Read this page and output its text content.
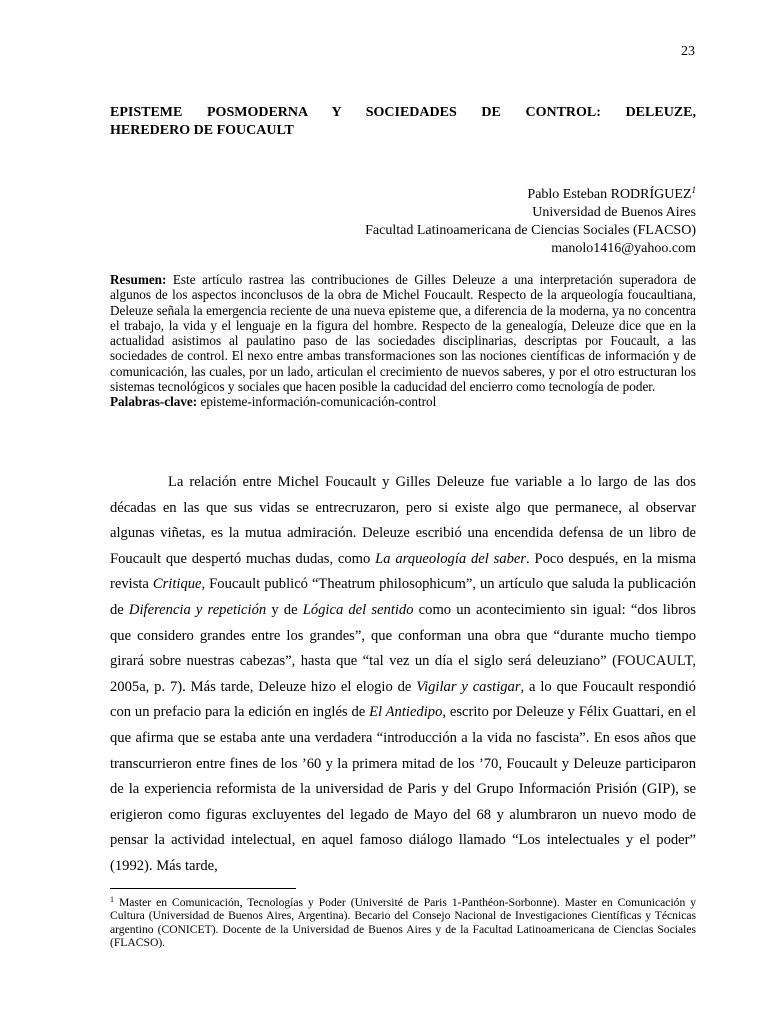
23
EPISTEME POSMODERNA Y SOCIEDADES DE CONTROL: DELEUZE,
HEREDERO DE FOUCAULT
Pablo Esteban RODRÍGUEZ$^1$
Universidad de Buenos Aires
Facultad Latinoamericana de Ciencias Sociales (FLACSO)
manolo1416@yahoo.com
Resumen: Este artículo rastrea las contribuciones de Gilles Deleuze a una interpretación superadora de algunos de los aspectos inconclusos de la obra de Michel Foucault. Respecto de la arqueología foucaultiana, Deleuze señala la emergencia reciente de una nueva episteme que, a diferencia de la moderna, ya no concentra el trabajo, la vida y el lenguaje en la figura del hombre. Respecto de la genealogía, Deleuze dice que en la actualidad asistimos al paulatino paso de las sociedades disciplinarias, descriptas por Foucault, a las sociedades de control. El nexo entre ambas transformaciones son las nociones científicas de información y de comunicación, las cuales, por un lado, articulan el crecimiento de nuevos saberes, y por el otro estructuran los sistemas tecnológicos y sociales que hacen posible la caducidad del encierro como tecnología de poder.
Palabras-clave: episteme-información-comunicación-control

La relación entre Michel Foucault y Gilles Deleuze fue variable a lo largo de las dos décadas en las que sus vidas se entrecruzaron, pero si existe algo que permanece, al observar algunas viñetas, es la mutua admiración. Deleuze escribió una encendida defensa de un libro de Foucault que despertó muchas dudas, como La arqueología del saber. Poco después, en la misma revista Critique, Foucault publicó “Theatrum philosophicum”, un artículo que saluda la publicación de Diferencia y repetición y de Lógica del sentido como un acontecimiento sin igual: “dos libros que considero grandes entre los grandes”, que conforman una obra que “durante mucho tiempo girará sobre nuestras cabezas”, hasta que “tal vez un día el siglo será deleuziano” (FOUCAULT, 2005a, p. 7). Más tarde, Deleuze hizo el elogio de Vigilar y castigar, a lo que Foucault respondió con un prefacio para la edición en inglés de El Antiedipo, escrito por Deleuze y Félix Guattari, en el que afirma que se estaba ante una verdadera “introducción a la vida no fascista”. En esos años que transcurrieron entre fines de los ’60 y la primera mitad de los ’70, Foucault y Deleuze participaron de la experiencia reformista de la universidad de Paris y del Grupo Información Prisión (GIP), se erigieron como figuras excluyentes del legado de Mayo del 68 y alumbraron un nuevo modo de pensar la actividad intelectual, en aquel famoso diálogo llamado “Los intelectuales y el poder” (1992). Más tarde,

$^1$ Master en Comunicación, Tecnologías y Poder (Université de Paris 1-Panthéon-Sorbonne). Master en Comunicación y Cultura (Universidad de Buenos Aires, Argentina). Becario del Consejo Nacional de Investigaciones Científicas y Técnicas argentino (CONICET). Docente de la Universidad de Buenos Aires y de la Facultad Latinoamericana de Ciencias Sociales (FLACSO).
